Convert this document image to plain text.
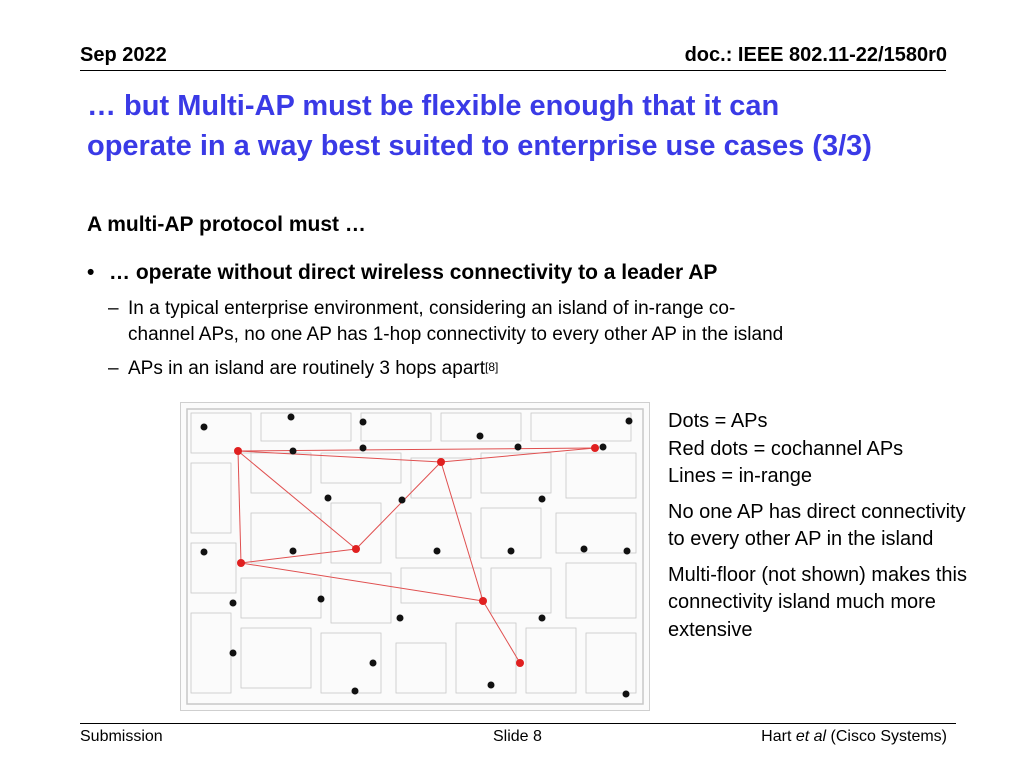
Sep 2022	doc.: IEEE 802.11-22/1580r0
… but Multi-AP must be flexible enough that it can
operate in a way best suited to enterprise use cases (3/3)
A multi-AP protocol must …
• … operate without direct wireless connectivity to a leader AP
– In a typical enterprise environment, considering an island of in-range co-
channel APs, no one AP has 1-hop connectivity to every other AP in the island
– APs in an island are routinely 3 hops apart[8]

Dots = APs
Red dots = cochannel APs
Lines = in-range

No one AP has direct connectivity to every other AP in the island

Multi-floor (not shown) makes this connectivity island much more extensive

Submission	Slide 8	Hart et al (Cisco Systems)
